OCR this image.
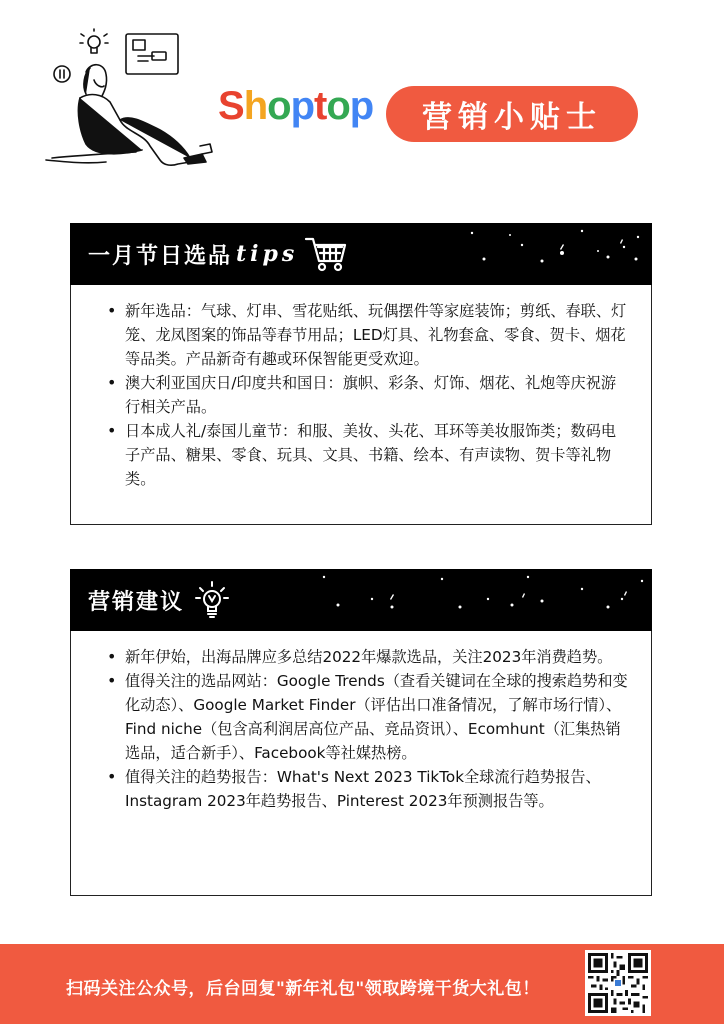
Shoptop	营销小贴士
一月节日选品 tips
• 新年选品：气球、灯串、雪花贴纸、玩偶摆件等家庭装饰；剪纸、春联、灯笼、龙凤图案的饰品等春节用品；LED灯具、礼物套盒、零食、贺卡、烟花等品类。产品新奇有趣或环保智能更受欢迎。
• 澳大利亚国庆日/印度共和国日：旗帜、彩条、灯饰、烟花、礼炮等庆祝游行相关产品。
• 日本成人礼/泰国儿童节：和服、美妆、头花、耳环等美妆服饰类；数码电子产品、糖果、零食、玩具、文具、书籍、绘本、有声读物、贺卡等礼物类。
营销建议
• 新年伊始，出海品牌应多总结2022年爆款选品，关注2023年消费趋势。
• 值得关注的选品网站：Google Trends（查看关键词在全球的搜索趋势和变化动态）、Google Market Finder（评估出口准备情况，了解市场行情）、Find niche（包含高利润居高位产品、竞品资讯）、Ecomhunt（汇集热销选品，适合新手）、Facebook等社媒热榜。
• 值得关注的趋势报告：What's Next 2023 TikTok全球流行趋势报告、Instagram 2023年趋势报告、Pinterest 2023年预测报告等。
扫码关注公众号，后台回复"新年礼包"领取跨境干货大礼包！
